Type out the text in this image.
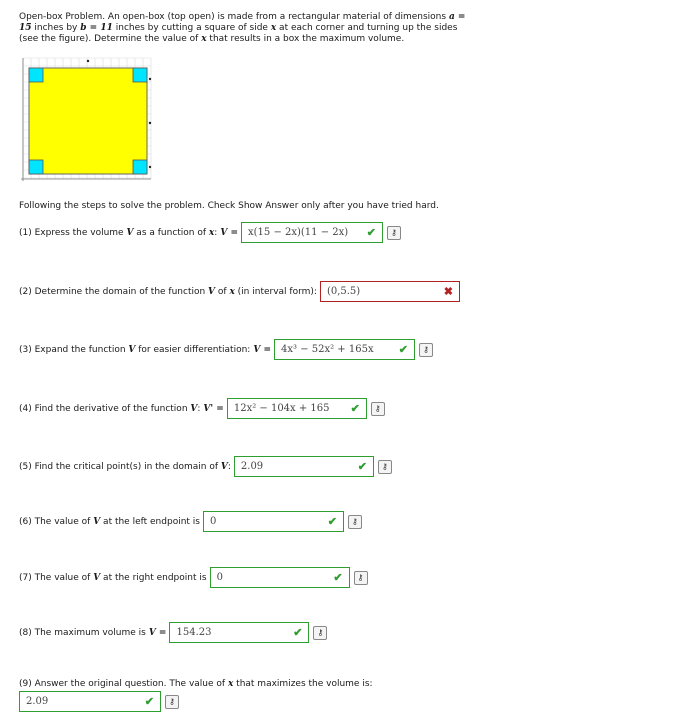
Open-box Problem. An open-box (top open) is made from a rectangular material of dimensions a = 15 inches by b = 11 inches by cutting a square of side x at each corner and turning up the sides (see the figure). Determine the value of x that results in a box the maximum volume.
Following the steps to solve the problem. Check Show Answer only after you have tried hard.
(1) Express the volume V as a function of x: V = x(15 − 2x)(11 − 2x)	✔	⚷
(2) Determine the domain of the function V of x (in interval form): (0,5.5)	✖
(3) Expand the function V for easier differentiation: V = 4x³ − 52x² + 165x	✔	⚷
(4) Find the derivative of the function V: V' = 12x² − 104x + 165	✔	⚷
(5) Find the critical point(s) in the domain of V: 2.09	✔	⚷
(6) The value of V at the left endpoint is 0	✔	⚷
(7) The value of V at the right endpoint is 0	✔	⚷
(8) The maximum volume is V = 154.23	✔	⚷
(9) Answer the original question. The value of x that maximizes the volume is:
2.09	✔	⚷
